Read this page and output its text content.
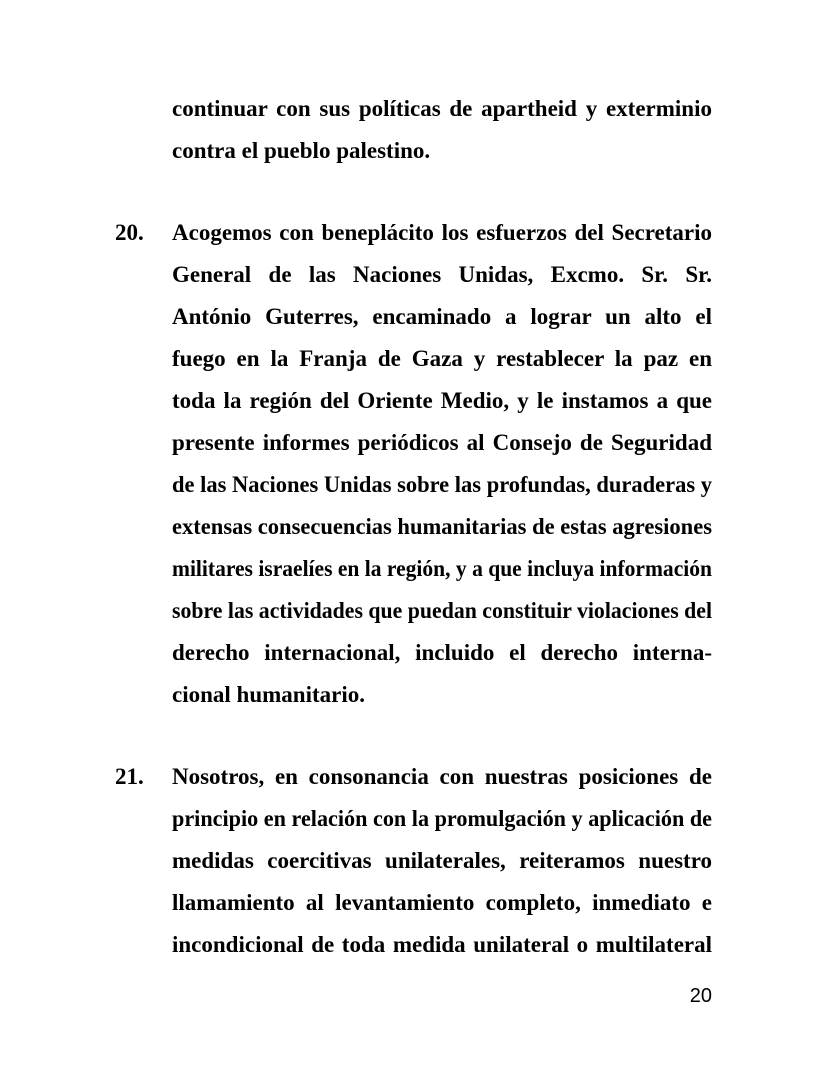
continuar con sus políticas de apartheid y exterminio
contra el pueblo palestino.
20.	Acogemos con beneplácito los esfuerzos del Secretario
General de las Naciones Unidas, Excmo. Sr. Sr.
António Guterres, encaminado a lograr un alto el
fuego en la Franja de Gaza y restablecer la paz en
toda la región del Oriente Medio, y le instamos a que
presente informes periódicos al Consejo de Seguridad
de las Naciones Unidas sobre las profundas, duraderas y
extensas consecuencias humanitarias de estas agresiones
militares israelíes en la región, y a que incluya información
sobre las actividades que puedan constituir violaciones del
derecho internacional, incluido el derecho interna-
cional humanitario.
21.	Nosotros, en consonancia con nuestras posiciones de
principio en relación con la promulgación y aplicación de
medidas coercitivas unilaterales, reiteramos nuestro
llamamiento al levantamiento completo, inmediato e
incondicional de toda medida unilateral o multilateral
20
